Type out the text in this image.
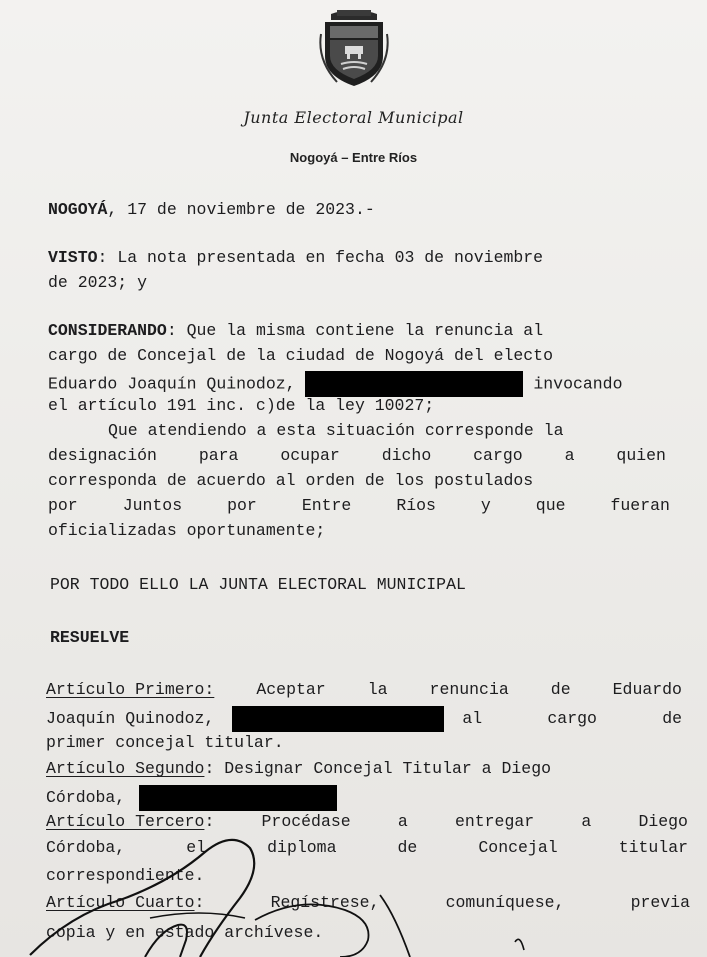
Junta Electoral Municipal
Nogoyá – Entre Ríos
NOGOYÁ, 17 de noviembre de 2023.-
VISTO: La nota presentada en fecha 03 de noviembre
de 2023; y
CONSIDERANDO: Que la misma contiene la renuncia al
cargo de Concejal de la ciudad de Nogoyá del electo
Eduardo Joaquín Quinodoz,	invocando
el artículo 191 inc. c)de la ley 10027;
Que atendiendo a esta situación corresponde la
designación	para	ocupar	dicho	cargo	a	quien
corresponda de acuerdo al orden de los postulados
por	Juntos	por	Entre	Ríos	y	que	fueran
oficializadas oportunamente;
POR TODO ELLO LA JUNTA ELECTORAL MUNICIPAL
RESUELVE
Artículo Primero:	Aceptar	la	renuncia	de	Eduardo
Joaquín Quinodoz,	al	cargo	de
primer concejal titular.
Artículo Segundo: Designar Concejal Titular a Diego
Córdoba,
Artículo Tercero:	Procédase	a	entregar	a	Diego
Córdoba,	el	diploma	de	Concejal	titular
correspondiente.
Artículo Cuarto:	Regístrese,	comuníquese,	previa
copia y en estado archívese.
